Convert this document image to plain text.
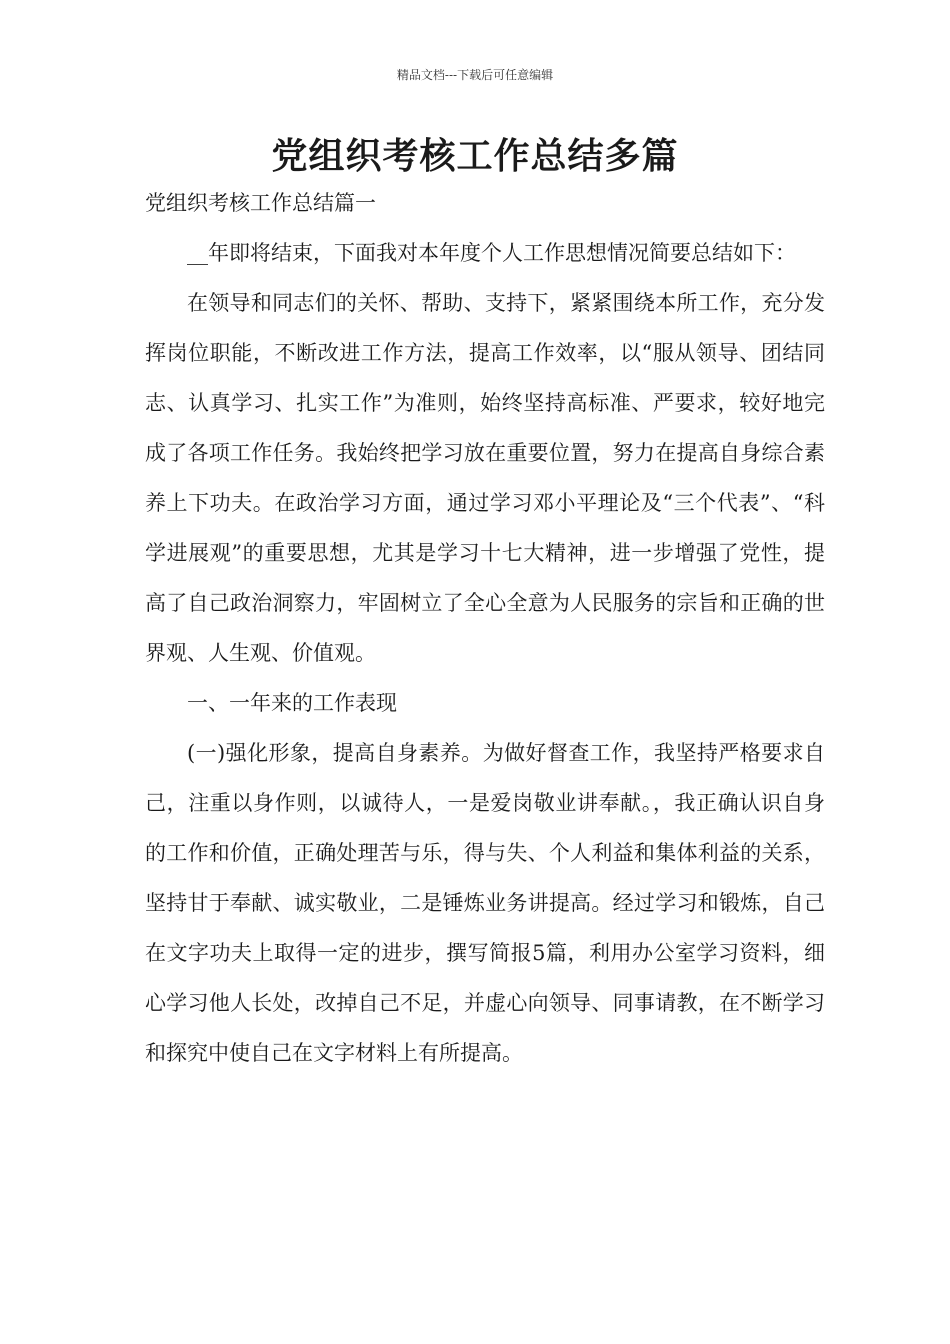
精品文档---下载后可任意编辑
党组织考核工作总结多篇
党组织考核工作总结篇一

__年即将结束，下面我对本年度个人工作思想情况简要总结如下：

在领导和同志们的关怀、帮助、支持下，紧紧围绕本所工作，充分发挥岗位职能，不断改进工作方法，提高工作效率，以“服从领导、团结同志、认真学习、扎实工作”为准则，始终坚持高标准、严要求，较好地完成了各项工作任务。我始终把学习放在重要位置，努力在提高自身综合素养上下功夫。在政治学习方面，通过学习邓小平理论及“三个代表”、“科学进展观”的重要思想，尤其是学习十七大精神，进一步增强了党性，提高了自己政治洞察力，牢固树立了全心全意为人民服务的宗旨和正确的世界观、人生观、价值观。

一、一年来的工作表现

(一)强化形象，提高自身素养。为做好督查工作，我坚持严格要求自己，注重以身作则，以诚待人，一是爱岗敬业讲奉献。，我正确认识自身的工作和价值，正确处理苦与乐，得与失、个人利益和集体利益的关系，坚持甘于奉献、诚实敬业，二是锤炼业务讲提高。经过学习和锻炼，自己在文字功夫上取得一定的进步，撰写简报5篇，利用办公室学习资料，细心学习他人长处，改掉自己不足，并虚心向领导、同事请教，在不断学习和探究中使自己在文字材料上有所提高。
